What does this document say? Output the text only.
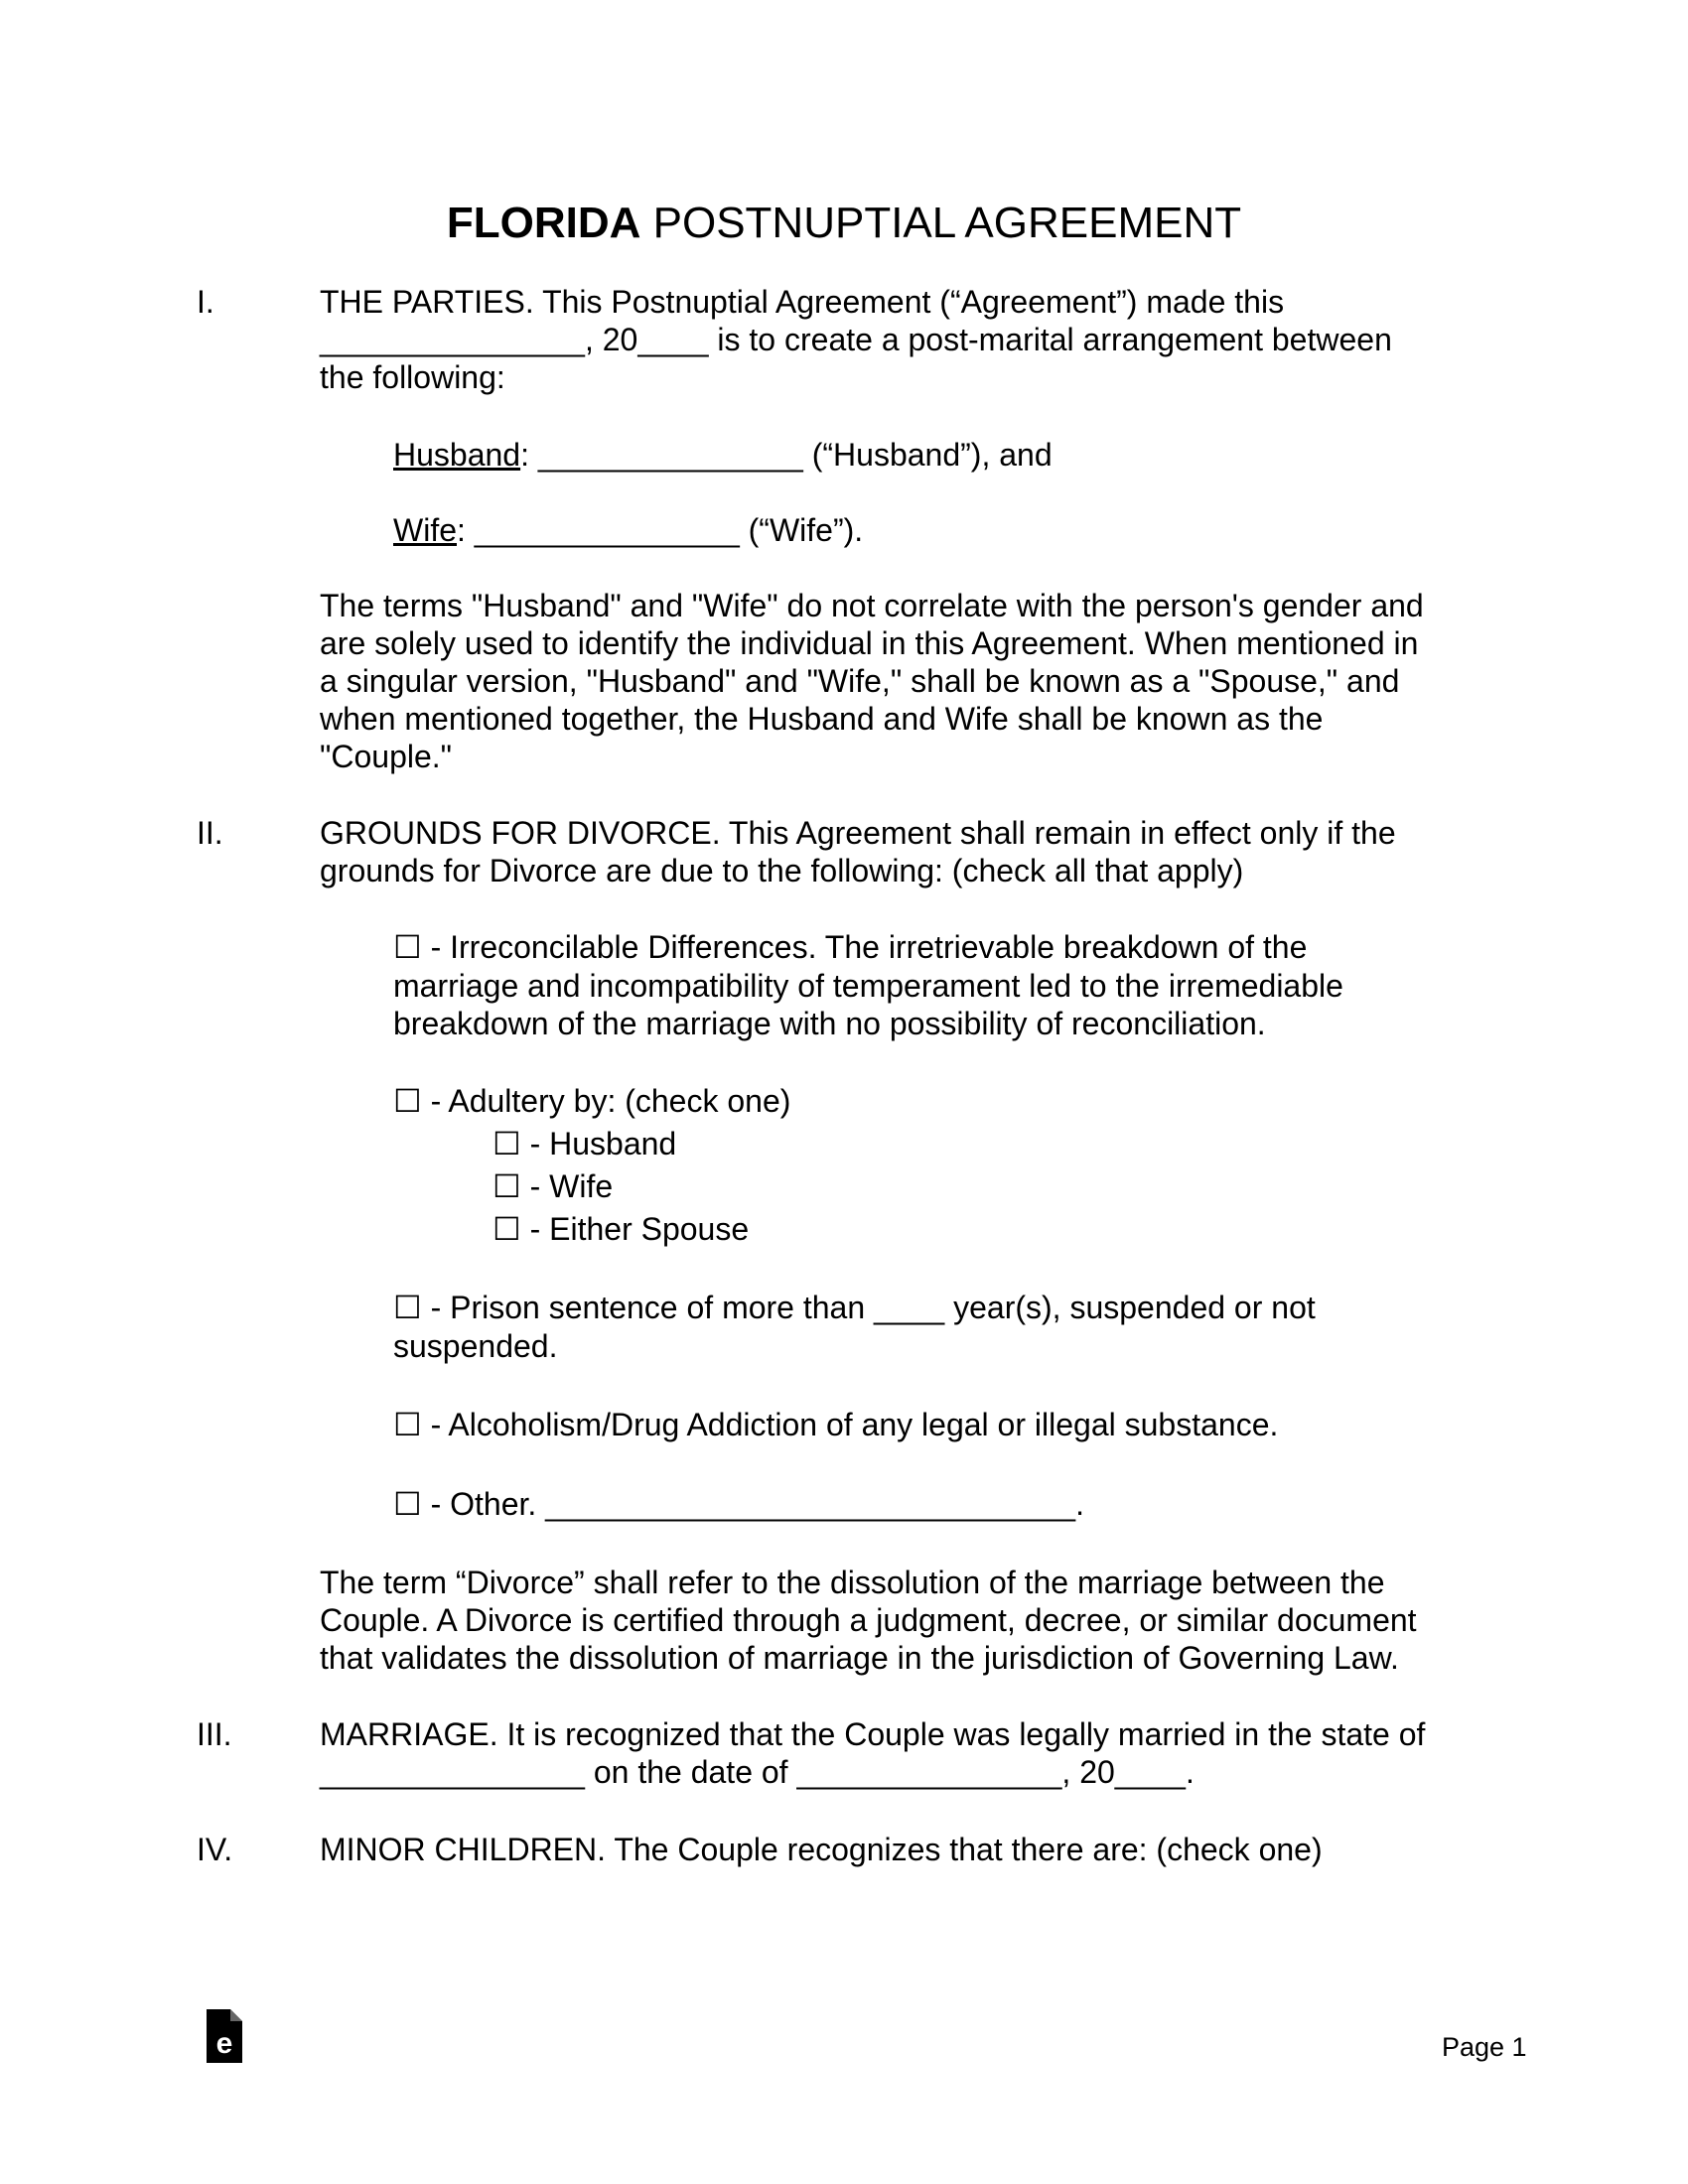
FLORIDA POSTNUPTIAL AGREEMENT
I.	THE PARTIES. This Postnuptial Agreement (“Agreement”) made this
_______________, 20____ is to create a post-marital arrangement between
the following:
Husband: _______________ (“Husband”), and
Wife: _______________ (“Wife”).
The terms "Husband" and "Wife" do not correlate with the person's gender and
are solely used to identify the individual in this Agreement. When mentioned in
a singular version, "Husband" and "Wife," shall be known as a "Spouse," and
when mentioned together, the Husband and Wife shall be known as the
"Couple."
II.	GROUNDS FOR DIVORCE. This Agreement shall remain in effect only if the
grounds for Divorce are due to the following: (check all that apply)
☐ - Irreconcilable Differences. The irretrievable breakdown of the
marriage and incompatibility of temperament led to the irremediable
breakdown of the marriage with no possibility of reconciliation.
☐ - Adultery by: (check one)
☐ - Husband
☐ - Wife
☐ - Either Spouse
☐ - Prison sentence of more than ____ year(s), suspended or not
suspended.
☐ - Alcoholism/Drug Addiction of any legal or illegal substance.
☐ - Other. ______________________________.
The term “Divorce” shall refer to the dissolution of the marriage between the
Couple. A Divorce is certified through a judgment, decree, or similar document
that validates the dissolution of marriage in the jurisdiction of Governing Law.
III.	MARRIAGE. It is recognized that the Couple was legally married in the state of
_______________ on the date of _______________, 20____.
IV.	MINOR CHILDREN. The Couple recognizes that there are: (check one)
e	Page 1
